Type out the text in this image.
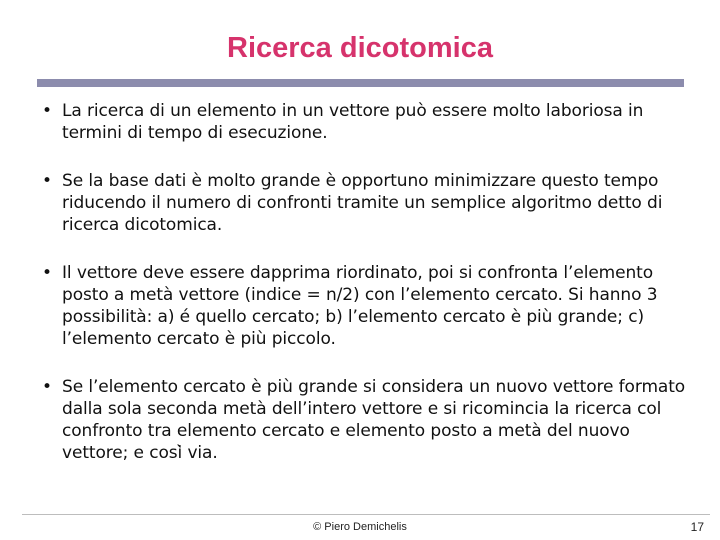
Ricerca dicotomica
• La ricerca di un elemento in un vettore può essere molto laboriosa in termini di tempo di esecuzione.
• Se la base dati è molto grande è opportuno minimizzare questo tempo riducendo il numero di confronti tramite un semplice algoritmo detto di ricerca dicotomica.
• Il vettore deve essere dapprima riordinato, poi si confronta l’elemento posto a metà vettore (indice = n/2) con l’elemento cercato. Si hanno 3 possibilità: a) é quello cercato; b) l’elemento cercato è più grande; c) l’elemento cercato è più piccolo.
• Se l’elemento cercato è più grande si considera un nuovo vettore formato dalla sola seconda metà dell’intero vettore e si ricomincia la ricerca col confronto tra elemento cercato e elemento posto a metà del nuovo vettore; e cosi̇̀ via.
© Piero Demichelis	17
